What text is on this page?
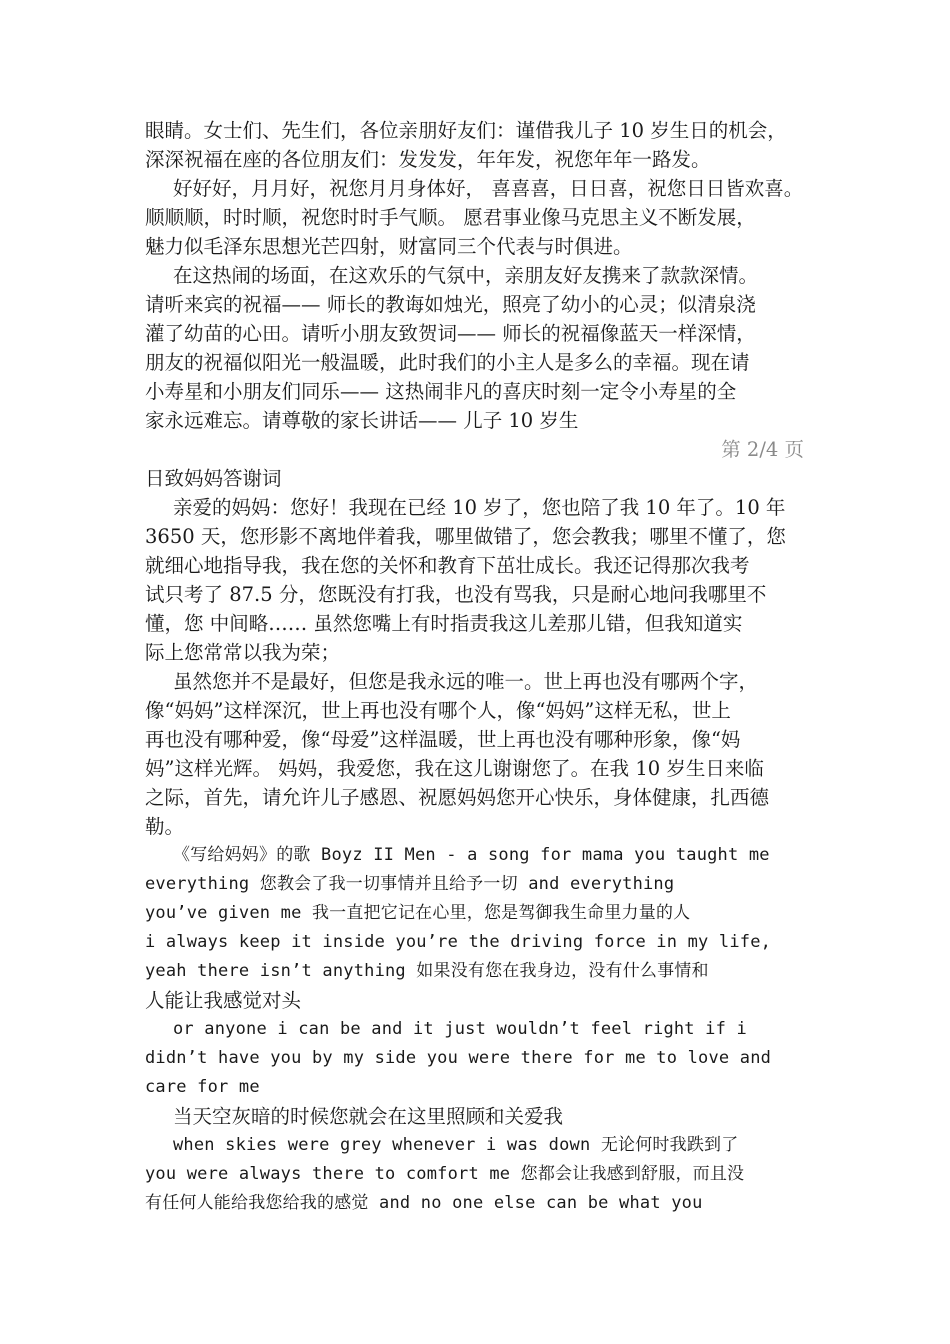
眼睛。女士们、先生们，各位亲朋好友们：谨借我儿子 10 岁生日的机会，
深深祝福在座的各位朋友们：发发发，年年发，祝您年年一路发。
好好好，月月好，祝您月月身体好， 喜喜喜，日日喜，祝您日日皆欢喜。
顺顺顺，时时顺，祝您时时手气顺。 愿君事业像马克思主义不断发展，
魅力似毛泽东思想光芒四射，财富同三个代表与时俱进。
在这热闹的场面，在这欢乐的气氛中，亲朋友好友携来了款款深情。
请听来宾的祝福—— 师长的教诲如烛光，照亮了幼小的心灵；似清泉浇
灌了幼苗的心田。请听小朋友致贺词—— 师长的祝福像蓝天一样深情，
朋友的祝福似阳光一般温暖，此时我们的小主人是多么的幸福。现在请
小寿星和小朋友们同乐—— 这热闹非凡的喜庆时刻一定令小寿星的全
家永远难忘。请尊敬的家长讲话—— 儿子 10 岁生
第 2/4 页
日致妈妈答谢词
亲爱的妈妈：您好！我现在已经 10 岁了，您也陪了我 10 年了。10 年
3650 天，您形影不离地伴着我，哪里做错了，您会教我；哪里不懂了，您
就细心地指导我，我在您的关怀和教育下茁壮成长。我还记得那次我考
试只考了 87.5 分，您既没有打我，也没有骂我，只是耐心地问我哪里不
懂，您 中间略…… 虽然您嘴上有时指责我这儿差那儿错，但我知道实
际上您常常以我为荣；
虽然您并不是最好，但您是我永远的唯一。世上再也没有哪两个字，
像“妈妈”这样深沉，世上再也没有哪个人，像“妈妈”这样无私，世上
再也没有哪种爱，像“母爱”这样温暖，世上再也没有哪种形象，像“妈
妈”这样光辉。 妈妈，我爱您，我在这儿谢谢您了。在我 10 岁生日来临
之际，首先，请允许儿子感恩、祝愿妈妈您开心快乐，身体健康，扎西德
勒。
《写给妈妈》的歌 Boyz II Men - a song for mama you taught me
everything 您教会了我一切事情并且给予一切 and everything
you’ve given me 我一直把它记在心里，您是驾御我生命里力量的人
i always keep it inside you’re the driving force in my life,
yeah there isn’t anything 如果没有您在我身边，没有什么事情和
人能让我感觉对头
or anyone i can be and it just wouldn’t feel right if i
didn’t have you by my side you were there for me to love and
care for me
当天空灰暗的时候您就会在这里照顾和关爱我
when skies were grey whenever i was down 无论何时我跌到了
you were always there to comfort me 您都会让我感到舒服，而且没
有任何人能给我您给我的感觉 and no one else can be what you
